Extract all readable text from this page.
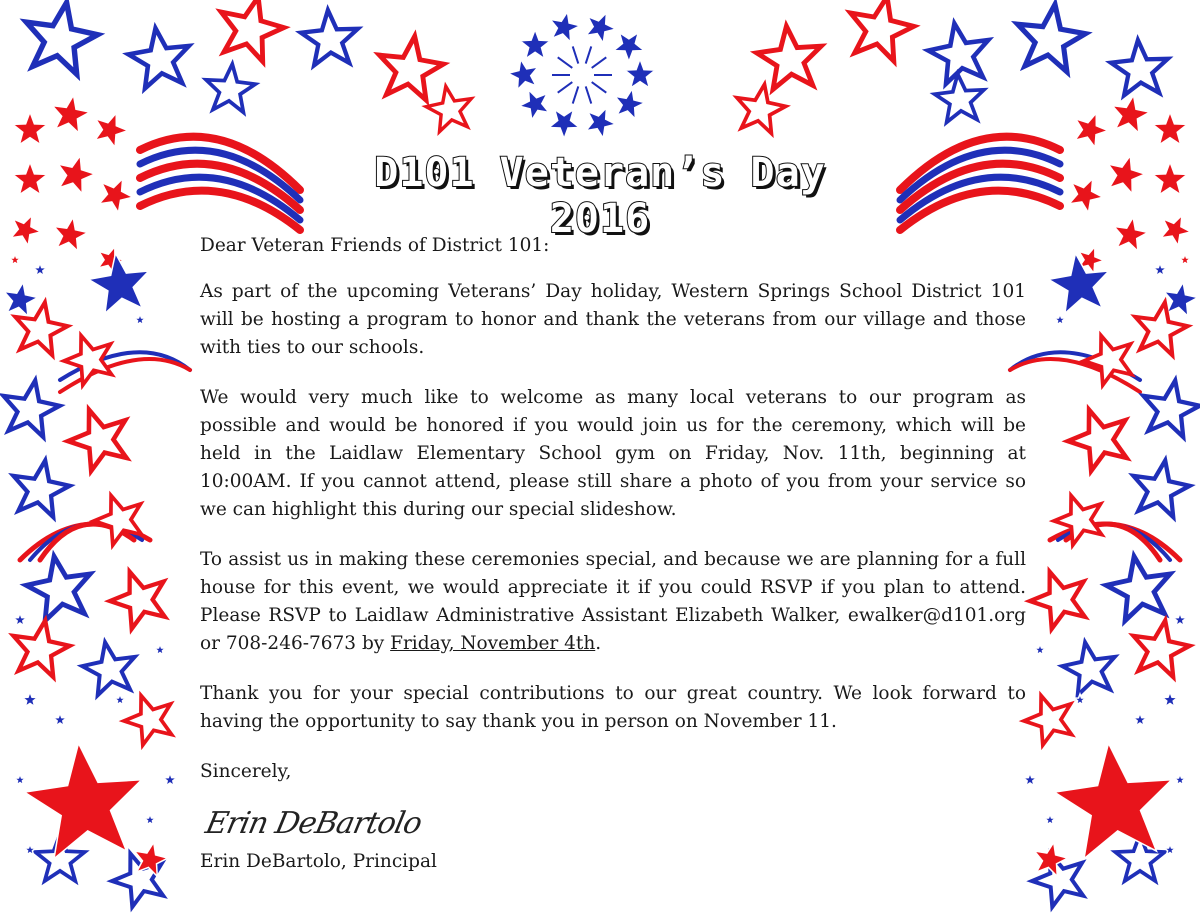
D101 Veteran’s Day 2016

Dear Veteran Friends of District 101:

As part of the upcoming Veterans’ Day holiday, Western Springs School District 101 will be hosting a program to honor and thank the veterans from our village and those with ties to our schools.

We would very much like to welcome as many local veterans to our program as possible and would be honored if you would join us for the ceremony, which will be held in the Laidlaw Elementary School gym on Friday, Nov. 11th, beginning at 10:00AM. If you cannot attend, please still share a photo of you from your service so we can highlight this during our special slideshow.

To assist us in making these ceremonies special, and because we are planning for a full house for this event, we would appreciate it if you could RSVP if you plan to attend. Please RSVP to Laidlaw Administrative Assistant Elizabeth Walker, ewalker@d101.org or 708-246-7673 by Friday, November 4th.

Thank you for your special contributions to our great country. We look forward to having the opportunity to say thank you in person on November 11.

Sincerely,

Erin DeBartolo
Erin DeBartolo, Principal
